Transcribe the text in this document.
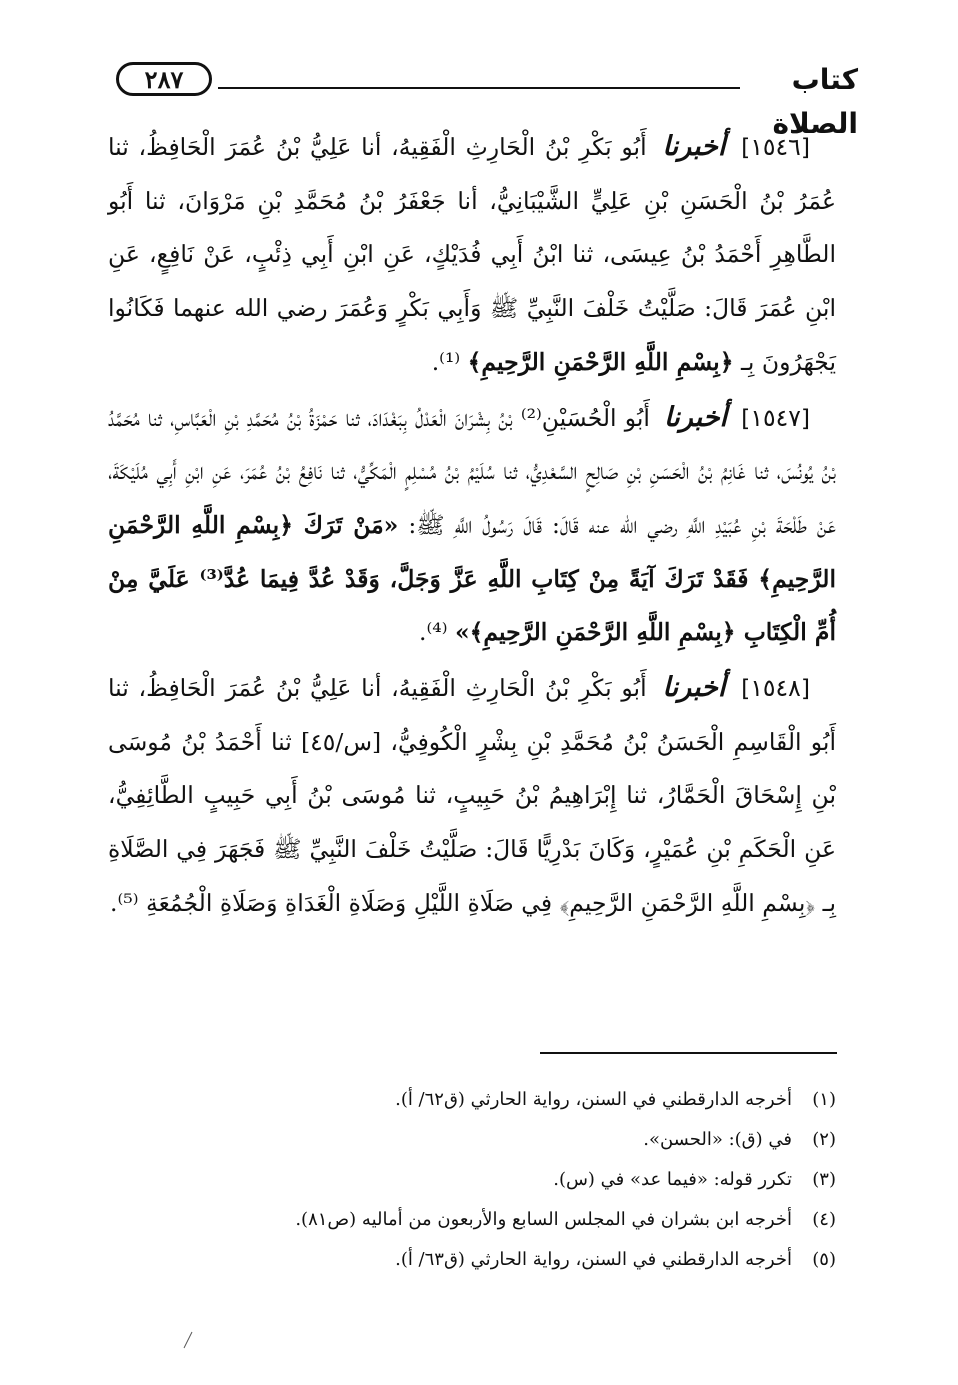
٢٨٧	كتاب الصلاة

[١٥٤٦] أخبرنا أَبُو بَكْرِ بْنُ الْحَارِثِ الْفَقِيهُ، أنا عَلِيُّ بْنُ عُمَرَ الْحَافِظُ، ثنا عُمَرُ بْنُ الْحَسَنِ بْنِ عَلِيٍّ الشَّيْبَانِيُّ، أنا جَعْفَرُ بْنُ مُحَمَّدِ بْنِ مَرْوَانَ، ثنا أَبُو الطَّاهِرِ أَحْمَدُ بْنُ عِيسَى، ثنا ابْنُ أَبِي فُدَيْكٍ، عَنِ ابْنِ أَبِي ذِئْبٍ، عَنْ نَافِعٍ، عَنِ ابْنِ عُمَرَ قَالَ: صَلَّيْتُ خَلْفَ النَّبِيِّ ﷺ وَأَبِي بَكْرٍ وَعُمَرَ رضي الله عنهما فَكَانُوا يَجْهَرُونَ بِـ ﴿بِسْمِ اللَّهِ الرَّحْمَنِ الرَّحِيمِ﴾ ⁽¹⁾.

[١٥٤٧] أخبرنا أَبُو الْحُسَيْنِ⁽²⁾ بْنُ بِشْرَانَ الْعَدْلُ بِبَغْدَادَ، ثنا حَمْزَةُ بْنُ مُحَمَّدِ بْنِ الْعَبَّاسِ، ثنا مُحَمَّدُ بْنُ يُونُسَ، ثنا غَانِمُ بْنُ الْحَسَنِ بْنِ صَالِحٍ السَّعْدِيُّ، ثنا سُلَيْمُ بْنُ مُسْلِمٍ الْمَكِّيُّ، ثنا نَافِعُ بْنُ عُمَرَ، عَنِ ابْنِ أَبِي مُلَيْكَةَ، عَنْ طَلْحَةَ بْنِ عُبَيْدِ اللَّهِ رضي الله عنه قَالَ: قَالَ رَسُولُ اللَّهِ ﷺ: «مَنْ تَرَكَ ﴿بِسْمِ اللَّهِ الرَّحْمَنِ الرَّحِيمِ﴾ فَقَدْ تَرَكَ آيَةً مِنْ كِتَابِ اللَّهِ عَزَّ وَجَلَّ، وَقَدْ عُدَّ فِيمَا عُدَّ⁽³⁾ عَلَيَّ مِنْ أُمِّ الْكِتَابِ ﴿بِسْمِ اللَّهِ الرَّحْمَنِ الرَّحِيمِ﴾» ⁽⁴⁾.

[١٥٤٨] أخبرنا أَبُو بَكْرِ بْنُ الْحَارِثِ الْفَقِيهُ، أنا عَلِيُّ بْنُ عُمَرَ الْحَافِظُ، ثنا أَبُو الْقَاسِمِ الْحَسَنُ بْنُ مُحَمَّدِ بْنِ بِشْرٍ الْكُوفِيُّ، [س/٤٥] ثنا أَحْمَدُ بْنُ مُوسَى بْنِ إِسْحَاقَ الْحَمَّارُ، ثنا إِبْرَاهِيمُ بْنُ حَبِيبٍ، ثنا مُوسَى بْنُ أَبِي حَبِيبٍ الطَّائِفِيُّ، عَنِ الْحَكَمِ بْنِ عُمَيْرٍ، وَكَانَ بَدْرِيًّا قَالَ: صَلَّيْتُ خَلْفَ النَّبِيِّ ﷺ فَجَهَرَ فِي الصَّلَاةِ بِـ ﴿بِسْمِ اللَّهِ الرَّحْمَنِ الرَّحِيمِ﴾ فِي صَلَاةِ اللَّيْلِ وَصَلَاةِ الْغَدَاةِ وَصَلَاةِ الْجُمُعَةِ ⁽⁵⁾.

(١)أخرجه الدارقطني في السنن، رواية الحارثي (ق٦٢/ أ).
(٢)في (ق): «الحسن».
(٣)تكرر قوله: «فيما عد» في (س).
(٤)أخرجه ابن بشران في المجلس السابع والأربعون من أماليه (ص٨١).
(٥)أخرجه الدارقطني في السنن، رواية الحارثي (ق٦٣/ أ).
